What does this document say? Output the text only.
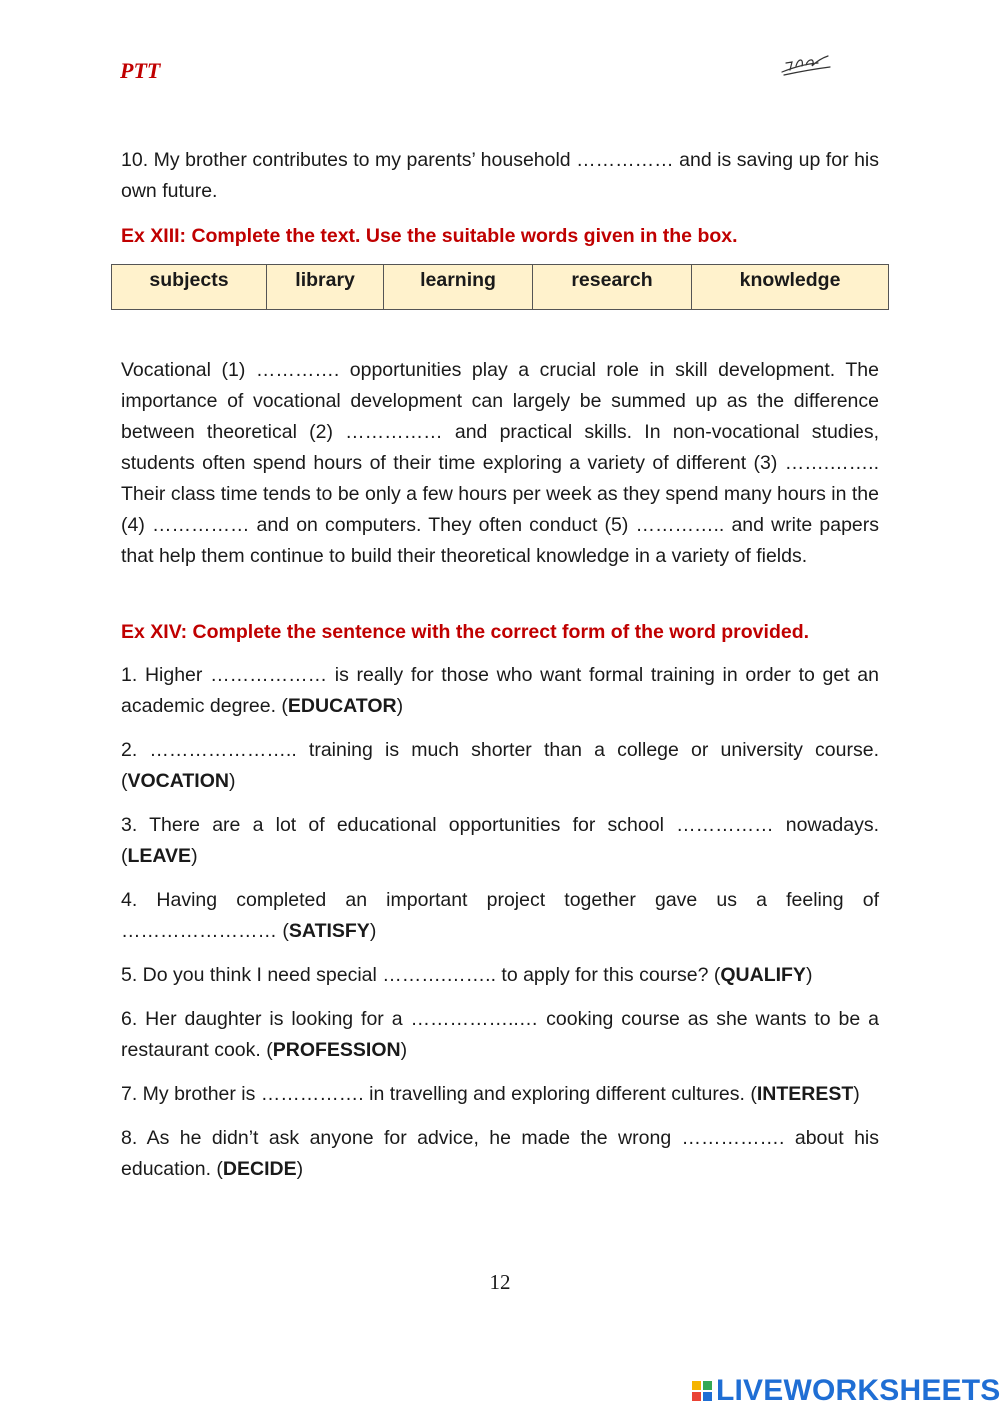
PTT

10. My brother contributes to my parents’ household …………… and is saving up for his own future.

Ex XIII: Complete the text. Use the suitable words given in the box.

subjects	library	learning	research	knowledge

Vocational (1) …………. opportunities play a crucial role in skill development. The importance of vocational development can largely be summed up as the difference between theoretical (2) …………… and practical skills. In non-vocational studies, students often spend hours of their time exploring a variety of different (3) …….…….. Their class time tends to be only a few hours per week as they spend many hours in the (4) …………… and on computers. They often conduct (5) ………….. and write papers that help them continue to build their theoretical knowledge in a variety of fields.

Ex XIV: Complete the sentence with the correct form of the word provided.

1. Higher ……………… is really for those who want formal training in order to get an academic degree. (EDUCATOR)

2. ………………….. training is much shorter than a college or university course. (VOCATION)

3. There are a lot of educational opportunities for school …………… nowadays. (LEAVE)

4. Having completed an important project together gave us a feeling of …………………… (SATISFY)

5. Do you think I need special ……….…….. to apply for this course? (QUALIFY)

6. Her daughter is looking for a ……………..… cooking course as she wants to be a restaurant cook. (PROFESSION)

7. My brother is ……………. in travelling and exploring different cultures. (INTEREST)

8. As he didn’t ask anyone for advice, he made the wrong ……………. about his education. (DECIDE)

12
LIVEWORKSHEETS
